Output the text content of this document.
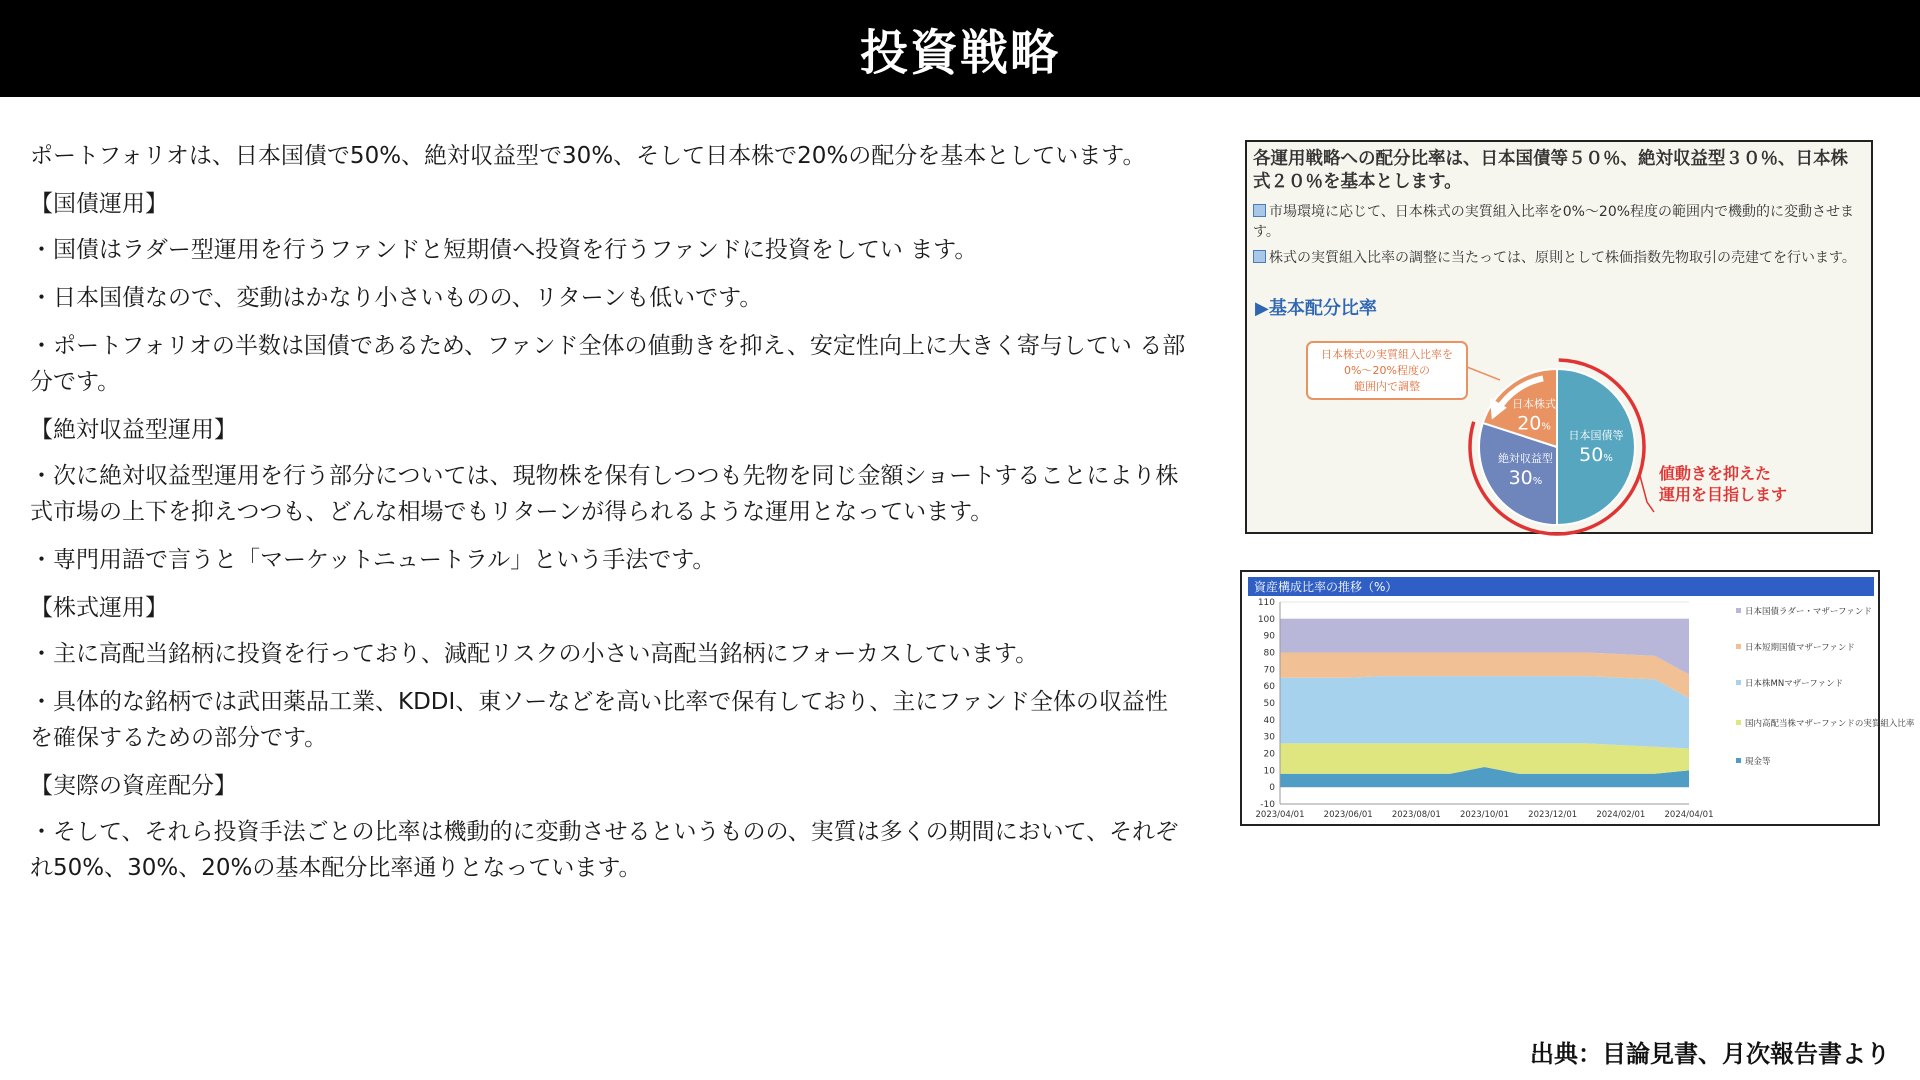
投資戦略

ポートフォリオは、日本国債で50%、絶対収益型で30%、そして日本株で20%の配分を基本としています。

【国債運用】

・国債はラダー型運用を行うファンドと短期債へ投資を行うファンドに投資をしてい ます。

・日本国債なので、変動はかなり小さいものの、リターンも低いです。

・ポートフォリオの半数は国債であるため、ファンド全体の値動きを抑え、安定性向上に大きく寄与してい る部分です。

【絶対収益型運用】

・次に絶対収益型運用を行う部分については、現物株を保有しつつも先物を同じ金額ショートすることにより株式市場の上下を抑えつつも、どんな相場でもリターンが得られるような運用となっています。

・専門用語で言うと「マーケットニュートラル」という手法です。

【株式運用】

・主に高配当銘柄に投資を行っており、減配リスクの小さい高配当銘柄にフォーカスしています。

・具体的な銘柄では武田薬品工業、KDDI、東ソーなどを高い比率で保有しており、主にファンド全体の収益性を確保するための部分です。

【実際の資産配分】

・そして、それら投資手法ごとの比率は機動的に変動させるというものの、実質は多くの期間において、それぞれ50%、30%、20%の基本配分比率通りとなっています。

各運用戦略への配分比率は、日本国債等５０％、絶対収益型３０％、日本株式２０％を基本とします。
市場環境に応じて、日本株式の実質組入比率を0%～20%程度の範囲内で機動的に変動させます。
株式の実質組入比率の調整に当たっては、原則として株価指数先物取引の売建てを行います。
▶基本配分比率
日本国債等
50%
絶対収益型
30%
日本株式
20%
日本株式の実質組入比率を
0%～20%程度の
範囲内で調整
値動きを抑えた
運用を目指します
資産構成比率の推移（%）
-10
0
10
20
30
40
50
60
70
80
90
100
110
2023/04/01 2023/06/01 2023/08/01 2023/10/01 2023/12/01 2024/02/01 2024/04/01
日本国債ラダー・マザーファンド
日本短期国債マザーファンド
日本株MNマザーファンド
国内高配当株マザーファンドの実質組入比率
現金等
出典：目論見書、月次報告書より
